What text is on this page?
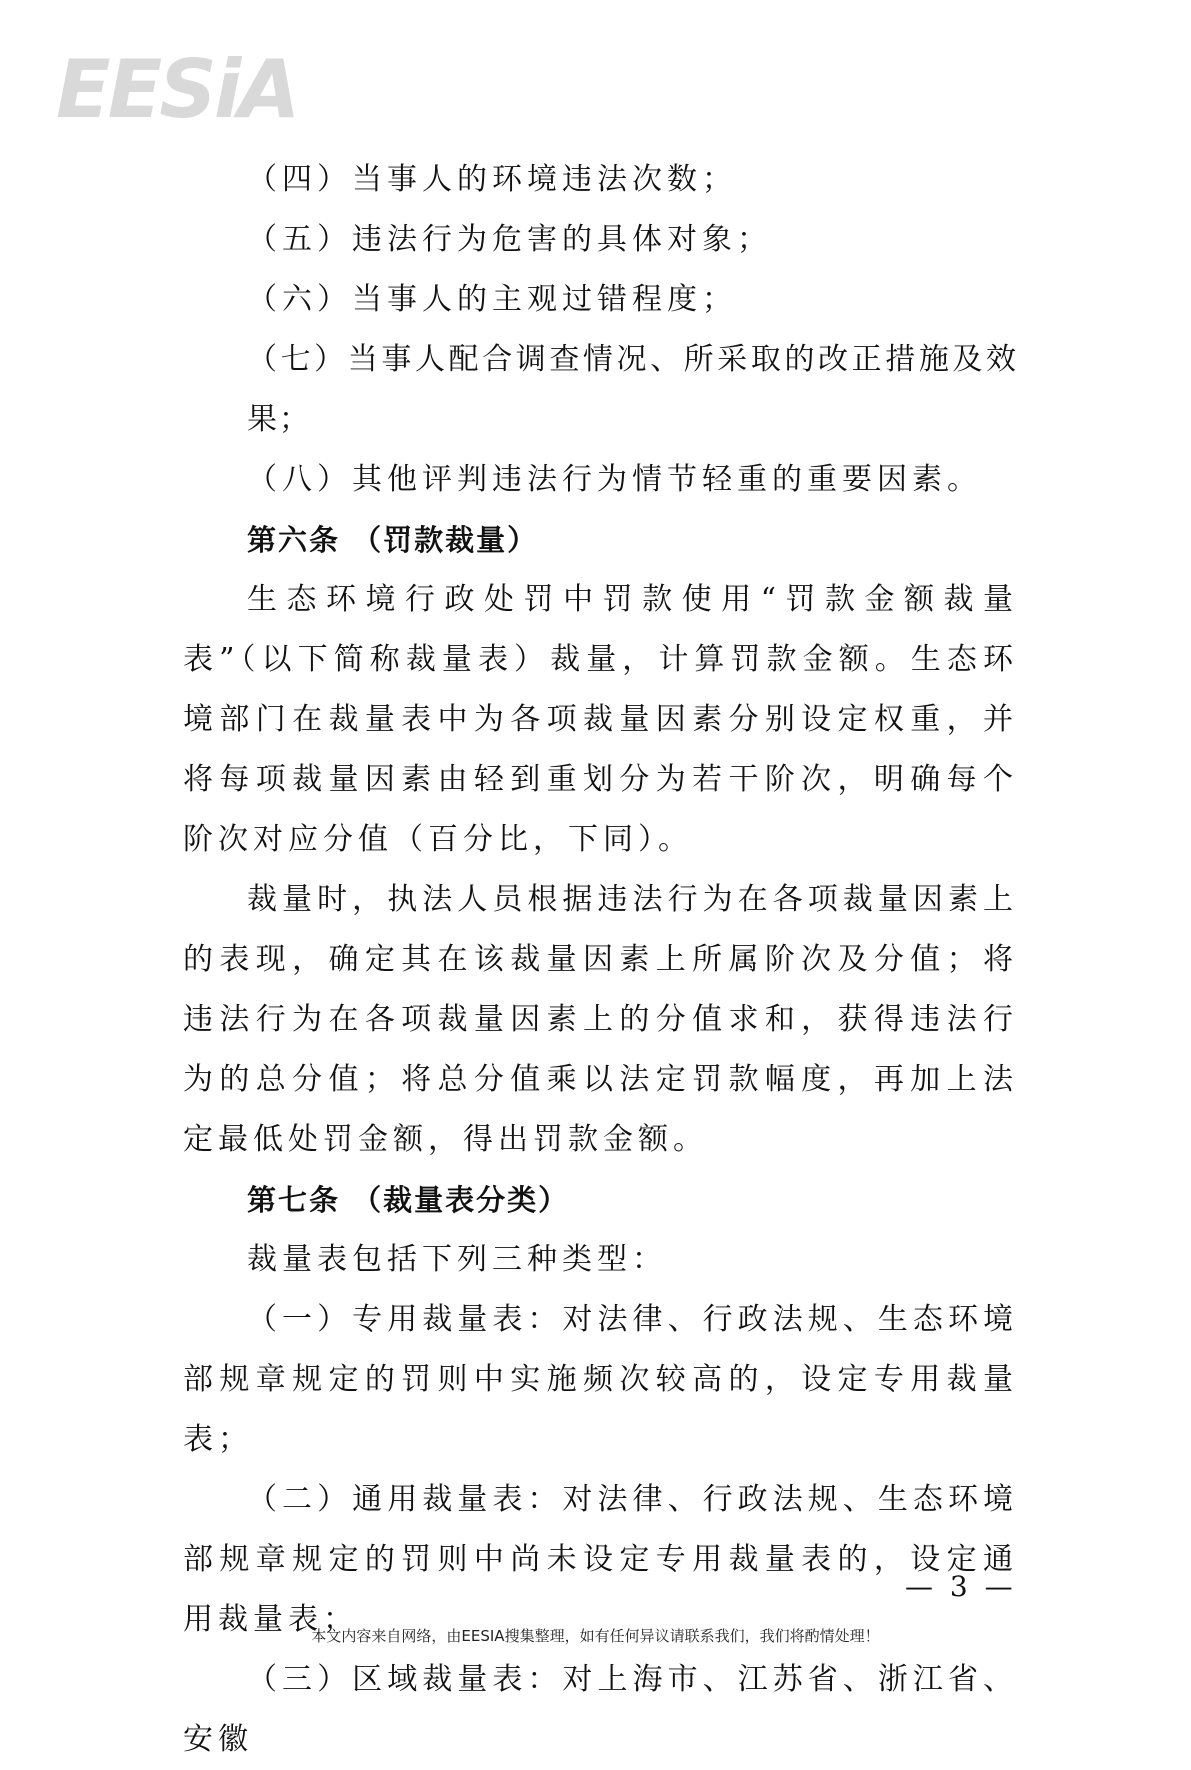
EESiA

（四）当事人的环境违法次数；

（五）违法行为危害的具体对象；

（六）当事人的主观过错程度；

（七）当事人配合调查情况、所采取的改正措施及效果；

（八）其他评判违法行为情节轻重的重要因素。

第六条 （罚款裁量）

生态环境行政处罚中罚款使用“罚款金额裁量表”（以下简称裁量表）裁量，计算罚款金额。生态环境部门在裁量表中为各项裁量因素分别设定权重，并将每项裁量因素由轻到重划分为若干阶次，明确每个阶次对应分值（百分比，下同）。

裁量时，执法人员根据违法行为在各项裁量因素上的表现，确定其在该裁量因素上所属阶次及分值；将违法行为在各项裁量因素上的分值求和，获得违法行为的总分值；将总分值乘以法定罚款幅度，再加上法定最低处罚金额，得出罚款金额。

第七条 （裁量表分类）

裁量表包括下列三种类型：

（一）专用裁量表：对法律、行政法规、生态环境部规章规定的罚则中实施频次较高的，设定专用裁量表；

（二）通用裁量表：对法律、行政法规、生态环境部规章规定的罚则中尚未设定专用裁量表的，设定通用裁量表；

（三）区域裁量表：对上海市、江苏省、浙江省、安徽

— 3 —
本文内容来自网络，由EESIA搜集整理，如有任何异议请联系我们，我们将酌情处理！
